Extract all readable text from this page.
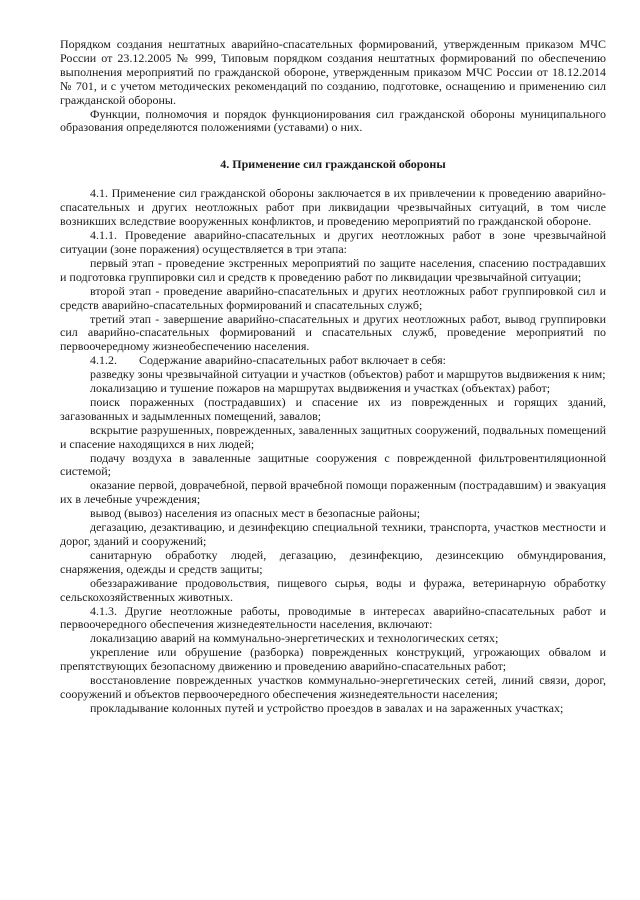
Порядком создания нештатных аварийно-спасательных формирований, утвержденным приказом МЧС России от 23.12.2005 № 999, Типовым порядком создания нештатных формирований по обеспечению выполнения мероприятий по гражданской обороне, утвержденным приказом МЧС России от 18.12.2014 № 701, и с учетом методических рекомендаций по созданию, подготовке, оснащению и применению сил гражданской обороны.

Функции, полномочия и порядок функционирования сил гражданской обороны муниципального образования определяются положениями (уставами) о них.

4. Применение сил гражданской обороны

4.1. Применение сил гражданской обороны заключается в их привлечении к проведению аварийно-спасательных и других неотложных работ при ликвидации чрезвычайных ситуаций, в том числе возникших вследствие вооруженных конфликтов, и проведению мероприятий по гражданской обороне.

4.1.1. Проведение аварийно-спасательных и других неотложных работ в зоне чрезвычайной ситуации (зоне поражения) осуществляется в три этапа:

первый этап - проведение экстренных мероприятий по защите населения, спасению пострадавших и подготовка группировки сил и средств к проведению работ по ликвидации чрезвычайной ситуации;

второй этап - проведение аварийно-спасательных и других неотложных работ группировкой сил и средств аварийно-спасательных формирований и спасательных служб;

третий этап - завершение аварийно-спасательных и других неотложных работ, вывод группировки сил аварийно-спасательных формирований и спасательных служб, проведение мероприятий по первоочередному жизнеобеспечению населения.

4.1.2. Содержание аварийно-спасательных работ включает в себя:

разведку зоны чрезвычайной ситуации и участков (объектов) работ и маршрутов выдвижения к ним;

локализацию и тушение пожаров на маршрутах выдвижения и участках (объектах) работ;

поиск пораженных (пострадавших) и спасение их из поврежденных и горящих зданий, загазованных и задымленных помещений, завалов;

вскрытие разрушенных, поврежденных, заваленных защитных сооружений, подвальных помещений и спасение находящихся в них людей;

подачу воздуха в заваленные защитные сооружения с поврежденной фильтровентиляционной системой;

оказание первой, доврачебной, первой врачебной помощи пораженным (пострадавшим) и эвакуация их в лечебные учреждения;

вывод (вывоз) населения из опасных мест в безопасные районы;

дегазацию, дезактивацию, и дезинфекцию специальной техники, транспорта, участков местности и дорог, зданий и сооружений;

санитарную обработку людей, дегазацию, дезинфекцию, дезинсекцию обмундирования, снаряжения, одежды и средств защиты;

обеззараживание продовольствия, пищевого сырья, воды и фуража, ветеринарную обработку сельскохозяйственных животных.

4.1.3. Другие неотложные работы, проводимые в интересах аварийно-спасательных работ и первоочередного обеспечения жизнедеятельности населения, включают:

локализацию аварий на коммунально-энергетических и технологических сетях;

укрепление или обрушение (разборка) поврежденных конструкций, угрожающих обвалом и препятствующих безопасному движению и проведению аварийно-спасательных работ;

восстановление поврежденных участков коммунально-энергетических сетей, линий связи, дорог, сооружений и объектов первоочередного обеспечения жизнедеятельности населения;

прокладывание колонных путей и устройство проездов в завалах и на зараженных участках;
